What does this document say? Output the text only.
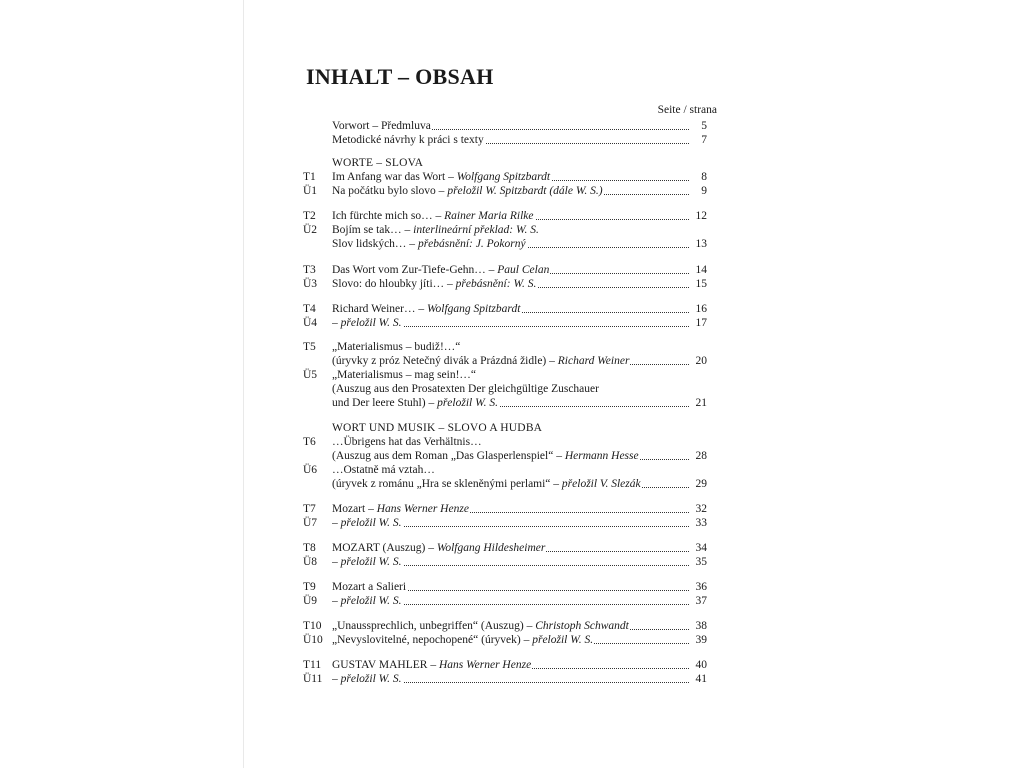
INHALT – OBSAH
Seite / strana
Vorwort – Předmluva	5
Metodické návrhy k práci s texty	7
WORTE – SLOVA
T1 Im Anfang war das Wort – Wolfgang Spitzbardt	8
Ü1 Na počátku bylo slovo – přeložil W. Spitzbardt (dále W. S.)	9
T2 Ich fürchte mich so… – Rainer Maria Rilke	12
Ü2 Bojím se tak… – interlineární překlad: W. S.
Slov lidských… – přebásnění: J. Pokorný	13
T3 Das Wort vom Zur-Tiefe-Gehn… – Paul Celan	14
Ü3 Slovo: do hloubky jíti… – přebásnění: W. S.	15
T4 Richard Weiner… – Wolfgang Spitzbardt	16
Ü4 – přeložil W. S.	17
T5 „Materialismus – budiž!…“
(úryvky z próz Netečný divák a Prázdná židle) – Richard Weiner	20
Ü5 „Materialismus – mag sein!…“
(Auszug aus den Prosatexten Der gleichgültige Zuschauer
und Der leere Stuhl) – přeložil W. S.	21
WORT UND MUSIK – SLOVO A HUDBA
T6 …Übrigens hat das Verhältnis…
(Auszug aus dem Roman „Das Glasperlenspiel“ – Hermann Hesse	28
Ü6 …Ostatně má vztah…
(úryvek z románu „Hra se skleněnými perlami“ – přeložil V. Slezák	29
T7 Mozart – Hans Werner Henze	32
Ü7 – přeložil W. S.	33
T8 MOZART (Auszug) – Wolfgang Hildesheimer	34
Ü8 – přeložil W. S.	35
T9 Mozart a Salieri	36
Ü9 – přeložil W. S.	37
T10 „Unaussprechlich, unbegriffen“ (Auszug) – Christoph Schwandt	38
Ü10 „Nevyslovitelné, nepochopené“ (úryvek) – přeložil W. S.	39
T11 GUSTAV MAHLER – Hans Werner Henze	40
Ü11 – přeložil W. S.	41
